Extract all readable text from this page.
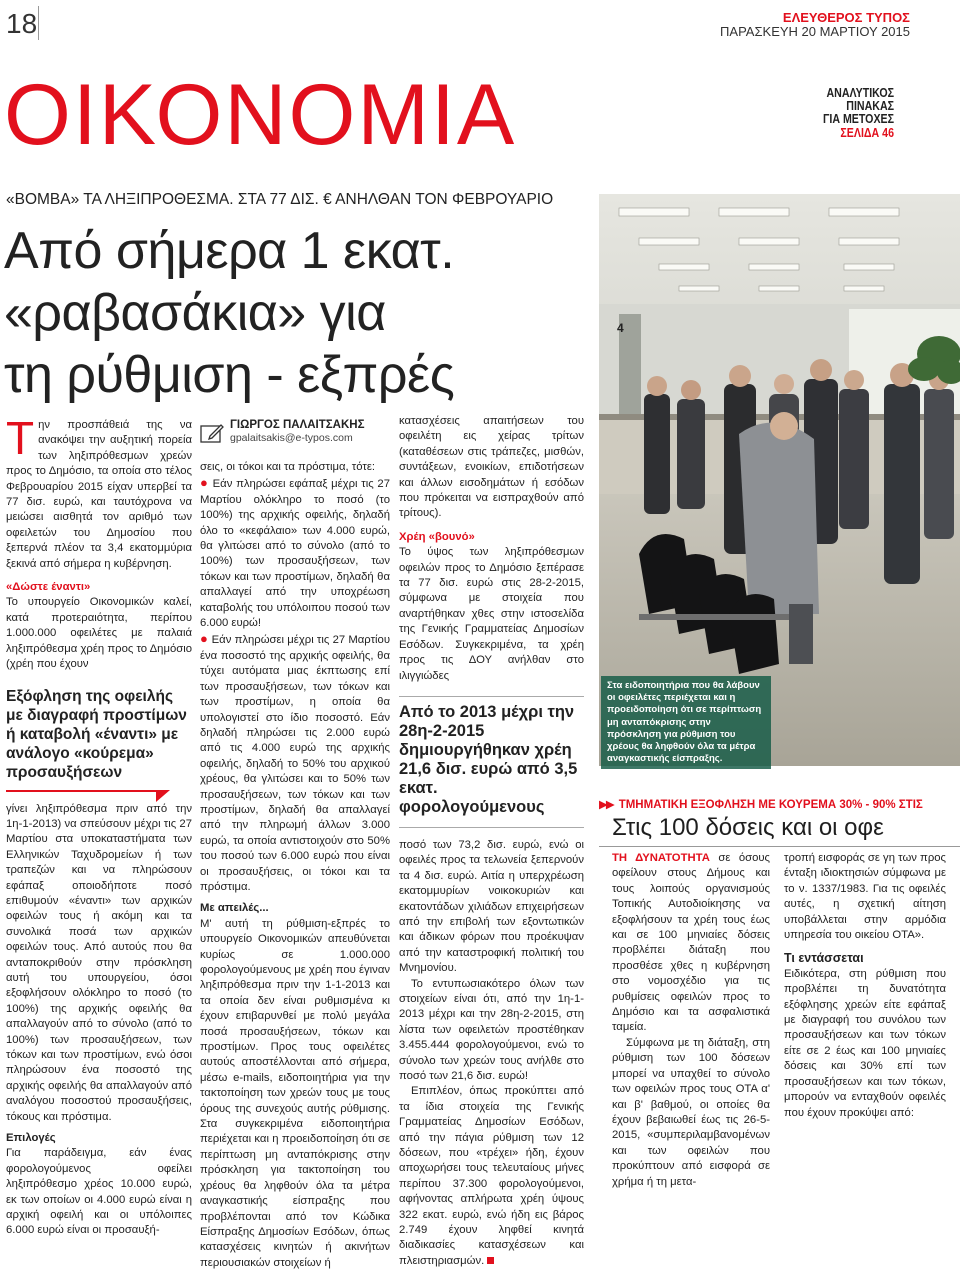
18	ΕΛΕΥΘΕΡΟΣ ΤΥΠΟΣ
ΠΑΡΑΣΚΕΥΗ 20 ΜΑΡΤΙΟΥ 2015
ΟΙΚΟΝΟΜΙΑ	ΑΝΑΛΥΤΙΚΟΣ
ΠΙΝΑΚΑΣ
ΓΙΑ ΜΕΤΟΧΕΣ
ΣΕΛΙΔΑ 46
«ΒΟΜΒΑ» ΤΑ ΛΗΞΙΠΡΟΘΕΣΜΑ. ΣΤΑ 77 ΔΙΣ. € ΑΝΗΛΘΑΝ ΤΟΝ ΦΕΒΡΟΥΑΡΙΟ
Από σήμερα 1 εκατ.
«ραβασάκια» για
τη ρύθμιση - εξπρές

Την προσπάθειά της να ανακόψει την αυξητική πορεία των ληξιπρόθεσμων χρεών προς το Δημόσιο, τα οποία στο τέλος Φεβρουαρίου 2015 είχαν υπερβεί τα 77 δισ. ευρώ, και ταυτόχρονα να μειώσει αισθητά τον αριθμό των οφειλετών του Δημοσίου που ξεπερνά πλέον τα 3,4 εκατομμύρια ξεκινά από σήμερα η κυβέρνηση.

«Δώστε έναντι»

Το υπουργείο Οικονομικών καλεί, κατά προτεραιότητα, περίπου 1.000.000 οφειλέτες με παλαιά ληξιπρόθεσμα χρέη προς το Δημόσιο (χρέη που έχουν

Εξόφληση της οφειλής με διαγραφή προστίμων ή καταβολή «έναντι» με ανάλογο «κούρεμα» προσαυξήσεων

γίνει ληξιπρόθεσμα πριν από την 1η-1-2013) να σπεύσουν μέχρι τις 27 Μαρτίου στα υποκαταστήματα των Ελληνικών Ταχυδρομείων ή των τραπεζών και να πληρώσουν εφάπαξ οποιοδήποτε ποσό επιθυμούν «έναντι» των αρχικών οφειλών τους ή ακόμη και τα συνολικά ποσά των αρχικών οφειλών τους. Από αυτούς που θα ανταποκριθούν στην πρόσκληση αυτή του υπουργείου, όσοι εξοφλήσουν ολόκληρο το ποσό (το 100%) της αρχικής οφειλής θα απαλλαγούν από το σύνολο (από το 100%) των προσαυξήσεων, των τόκων και των προστίμων, ενώ όσοι πληρώσουν ένα ποσοστό της αρχικής οφειλής θα απαλλαγούν από αναλόγου ποσοστού προσαυξήσεις, τόκους και πρόστιμα.

Επιλογές

Για παράδειγμα, εάν ένας φορολογούμενος οφείλει ληξιπρόθεσμο χρέος 10.000 ευρώ, εκ των οποίων οι 4.000 ευρώ είναι η αρχική οφειλή και οι υπόλοιπες 6.000 ευρώ είναι οι προσαυξή-

ΓΙΩΡΓΟΣ ΠΑΛΑΙΤΣΑΚΗΣ
gpalaitsakis@e-typos.com

σεις, οι τόκοι και τα πρόστιμα, τότε:

● Εάν πληρώσει εφάπαξ μέχρι τις 27 Μαρτίου ολόκληρο το ποσό (το 100%) της αρχικής οφειλής, δηλαδή όλο το «κεφάλαιο» των 4.000 ευρώ, θα γλιτώσει από το σύνολο (από το 100%) των προσαυξήσεων, των τόκων και των προστίμων, δηλαδή θα απαλλαγεί από την υποχρέωση καταβολής του υπόλοιπου ποσού των 6.000 ευρώ!

● Εάν πληρώσει μέχρι τις 27 Μαρτίου ένα ποσοστό της αρχικής οφειλής, θα τύχει αυτόματα μιας έκπτωσης επί των προσαυξήσεων, των τόκων και των προστίμων, η οποία θα υπολογιστεί στο ίδιο ποσοστό. Εάν δηλαδή πληρώσει τις 2.000 ευρώ από τις 4.000 ευρώ της αρχικής οφειλής, δηλαδή το 50% του αρχικού χρέους, θα γλιτώσει και το 50% των προσαυξήσεων, των τόκων και των προστίμων, δηλαδή θα απαλλαγεί από την πληρωμή άλλων 3.000 ευρώ, τα οποία αντιστοιχούν στο 50% του ποσού των 6.000 ευρώ που είναι οι προσαυξήσεις, οι τόκοι και τα πρόστιμα.

Με απειλές...

Μ' αυτή τη ρύθμιση-εξπρές το υπουργείο Οικονομικών απευθύνεται κυρίως σε 1.000.000 φορολογούμενους με χρέη που έγιναν ληξιπρόθεσμα πριν την 1-1-2013 και τα οποία δεν είναι ρυθμισμένα κι έχουν επιβαρυνθεί με πολύ μεγάλα ποσά προσαυξήσεων, τόκων και προστίμων. Προς τους οφειλέτες αυτούς αποστέλλονται από σήμερα, μέσω e-mails, ειδοποιητήρια για την τακτοποίηση των χρεών τους με τους όρους της συνεχούς αυτής ρύθμισης. Στα συγκεκριμένα ειδοποιητήρια περιέχεται και η προειδοποίηση ότι σε περίπτωση μη ανταπόκρισης στην πρόσκληση για τακτοποίηση του χρέους θα ληφθούν όλα τα μέτρα αναγκαστικής είσπραξης που προβλέπονται από τον Κώδικα Είσπραξης Δημοσίων Εσόδων, όπως κατασχέσεις κινητών ή ακινήτων περιουσιακών στοιχείων ή

κατασχέσεις απαιτήσεων του οφειλέτη εις χείρας τρίτων (καταθέσεων στις τράπεζες, μισθών, συντάξεων, ενοικίων, επιδοτήσεων και άλλων εισοδημάτων ή εσόδων που πρόκειται να εισπραχθούν από τρίτους).

Χρέη «βουνό»

Το ύψος των ληξιπρόθεσμων οφειλών προς το Δημόσιο ξεπέρασε τα 77 δισ. ευρώ στις 28-2-2015, σύμφωνα με στοιχεία που αναρτήθηκαν χθες στην ιστοσελίδα της Γενικής Γραμματείας Δημοσίων Εσόδων. Συγκεκριμένα, τα χρέη προς τις ΔΟΥ ανήλθαν στο ιλιγγιώδες

Από το 2013 μέχρι την 28η-2-2015 δημιουργήθηκαν χρέη 21,6 δισ. ευρώ από 3,5 εκατ. φορολογούμενους

ποσό των 73,2 δισ. ευρώ, ενώ οι οφειλές προς τα τελωνεία ξεπερνούν τα 4 δισ. ευρώ. Αιτία η υπερχρέωση εκατομμυρίων νοικοκυριών και εκατοντάδων χιλιάδων επιχειρήσεων από την επιβολή των εξοντωτικών και άδικων φόρων που προέκυψαν από την καταστροφική πολιτική του Μνημονίου.

Το εντυπωσιακότερο όλων των στοιχείων είναι ότι, από την 1η-1-2013 μέχρι και την 28η-2-2015, στη λίστα των οφειλετών προστέθηκαν 3.455.444 φορολογούμενοι, ενώ το σύνολο των χρεών τους ανήλθε στο ποσό των 21,6 δισ. ευρώ!

Επιπλέον, όπως προκύπτει από τα ίδια στοιχεία της Γενικής Γραμματείας Δημοσίων Εσόδων, από την πάγια ρύθμιση των 12 δόσεων, που «τρέχει» ήδη, έχουν αποχωρήσει τους τελευταίους μήνες περίπου 37.300 φορολογούμενοι, αφήνοντας απλήρωτα χρέη ύψους 322 εκατ. ευρώ, ενώ ήδη εις βάρος 2.749 έχουν ληφθεί κινητά διαδικασίες κατασχέσεων και πλειστηριασμών.

4
Στα ειδοποιητήρια που θα λάβουν οι οφειλέτες περιέχεται και η προειδοποίηση ότι σε περίπτωση μη ανταπόκρισης στην πρόσκληση για ρύθμιση του χρέους θα ληφθούν όλα τα μέτρα αναγκαστικής είσπραξης.
▶▶ ΤΜΗΜΑΤΙΚΗ ΕΞΟΦΛΗΣΗ ΜΕ ΚΟΥΡΕΜΑ 30% - 90% ΣΤΙΣ
Στις 100 δόσεις και οι οφε

ΤΗ ΔΥΝΑΤΟΤΗΤΑ σε όσους οφείλουν στους Δήμους και τους λοιπούς οργανισμούς Τοπικής Αυτοδιοίκησης να εξοφλήσουν τα χρέη τους έως και σε 100 μηνιαίες δόσεις προβλέπει διάταξη που προσθέσε χθες η κυβέρνηση στο νομοσχέδιο για τις ρυθμίσεις οφειλών προς το Δημόσιο και τα ασφαλιστικά ταμεία.

Σύμφωνα με τη διάταξη, στη ρύθμιση των 100 δόσεων μπορεί να υπαχθεί το σύνολο των οφειλών προς τους ΟΤΑ α' και β' βαθμού, οι οποίες θα έχουν βεβαιωθεί έως τις 26-5-2015, «συμπεριλαμβανομένων και των οφειλών που προκύπτουν από εισφορά σε χρήμα ή τη μετα-

τροπή εισφοράς σε γη των προς ένταξη ιδιοκτησιών σύμφωνα με το ν. 1337/1983. Για τις οφειλές αυτές, η σχετική αίτηση υποβάλλεται στην αρμόδια υπηρεσία του οικείου ΟΤΑ».

Τι εντάσσεται

Ειδικότερα, στη ρύθμιση που προβλέπει τη δυνατότητα εξόφλησης χρεών είτε εφάπαξ με διαγραφή του συνόλου των προσαυξήσεων και των τόκων είτε σε 2 έως και 100 μηνιαίες δόσεις και 30% επί των προσαυξήσεων και των τόκων, μπορούν να ενταχθούν οφειλές που έχουν προκύψει από:
